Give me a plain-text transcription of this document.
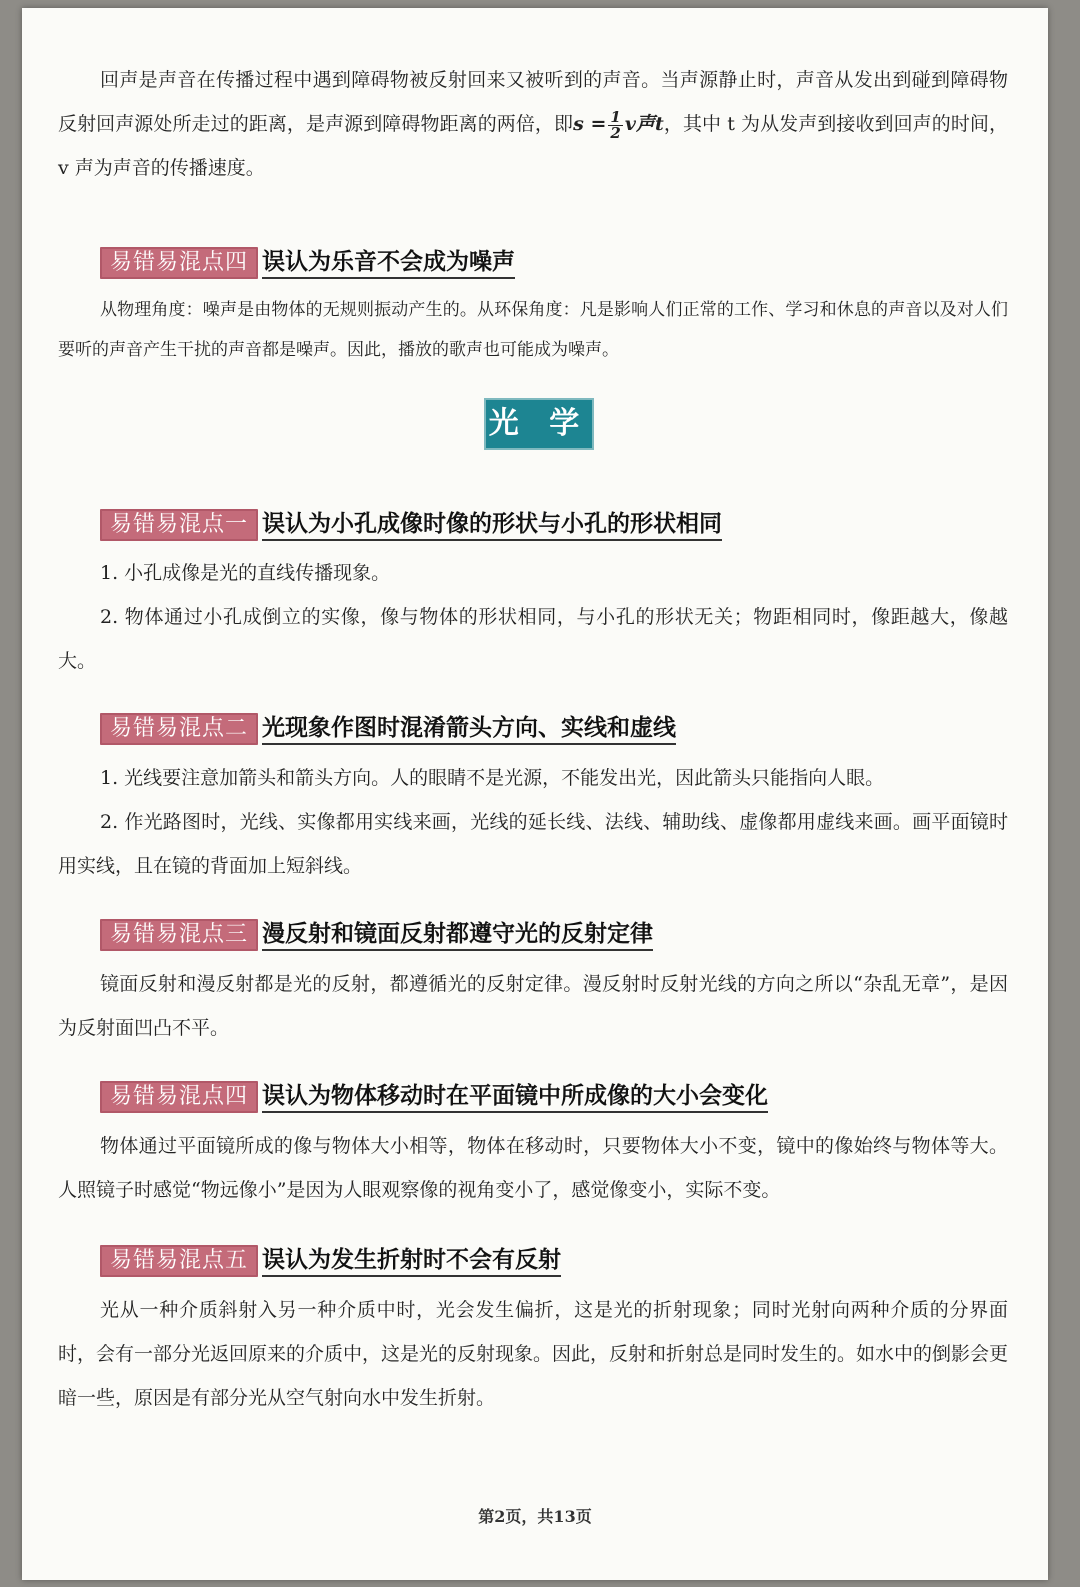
回声是声音在传播过程中遇到障碍物被反射回来又被听到的声音。当声源静止时，声音从发出到碰到障碍物反射回声源处所走过的距离，是声源到障碍物距离的两倍，即$s = \frac{1}{2}$ v声t，其中 t 为从发声到接收到回声的时间，v 声为声音的传播速度。

易错易混点四 误认为乐音不会成为噪声

从物理角度：噪声是由物体的无规则振动产生的。从环保角度：凡是影响人们正常的工作、学习和休息的声音以及对人们要听的声音产生干扰的声音都是噪声。因此，播放的歌声也可能成为噪声。

光 学
易错易混点一 误认为小孔成像时像的形状与小孔的形状相同

1. 小孔成像是光的直线传播现象。

2. 物体通过小孔成倒立的实像，像与物体的形状相同，与小孔的形状无关；物距相同时，像距越大，像越大。

易错易混点二 光现象作图时混淆箭头方向、实线和虚线

1. 光线要注意加箭头和箭头方向。人的眼睛不是光源，不能发出光，因此箭头只能指向人眼。

2. 作光路图时，光线、实像都用实线来画，光线的延长线、法线、辅助线、虚像都用虚线来画。画平面镜时用实线，且在镜的背面加上短斜线。

易错易混点三 漫反射和镜面反射都遵守光的反射定律

镜面反射和漫反射都是光的反射，都遵循光的反射定律。漫反射时反射光线的方向之所以“杂乱无章”，是因为反射面凹凸不平。

易错易混点四 误认为物体移动时在平面镜中所成像的大小会变化

物体通过平面镜所成的像与物体大小相等，物体在移动时，只要物体大小不变，镜中的像始终与物体等大。人照镜子时感觉“物远像小”是因为人眼观察像的视角变小了，感觉像变小，实际不变。

易错易混点五 误认为发生折射时不会有反射

光从一种介质斜射入另一种介质中时，光会发生偏折，这是光的折射现象；同时光射向两种介质的分界面时，会有一部分光返回原来的介质中，这是光的反射现象。因此，反射和折射总是同时发生的。如水中的倒影会更暗一些，原因是有部分光从空气射向水中发生折射。

第2页，共13页
